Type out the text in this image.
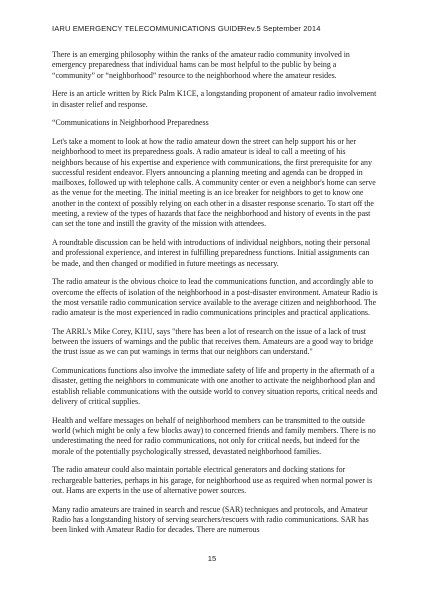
IARU EMERGENCY TELECOMMUNICATIONS GUIDE
Rev.5 September 2014

There is an emerging philosophy within the ranks of the amateur radio community involved in emergency preparedness that individual hams can be most helpful to the public by being a “community” or “neighborhood” resource to the neighborhood where the amateur resides.

Here is an article written by Rick Palm K1CE, a longstanding proponent of amateur radio involvement in disaster relief and response.

“Communications in Neighborhood Preparedness

Let's take a moment to look at how the radio amateur down the street can help support his or her neighborhood to meet its preparedness goals. A radio amateur is ideal to call a meeting of his neighbors because of his expertise and experience with communications, the first prerequisite for any successful resident endeavor. Flyers announcing a planning meeting and agenda can be dropped in mailboxes, followed up with telephone calls. A community center or even a neighbor's home can serve as the venue for the meeting. The initial meeting is an ice breaker for neighbors to get to know one another in the context of possibly relying on each other in a disaster response scenario. To start off the meeting, a review of the types of hazards that face the neighborhood and history of events in the past can set the tone and instill the gravity of the mission with attendees.

A roundtable discussion can be held with introductions of individual neighbors, noting their personal and professional experience, and interest in fulfilling preparedness functions. Initial assignments can be made, and then changed or modified in future meetings as necessary.

The radio amateur is the obvious choice to lead the communications function, and accordingly able to overcome the effects of isolation of the neighborhood in a post-disaster environment. Amateur Radio is the most versatile radio communication service available to the average citizen and neighborhood. The radio amateur is the most experienced in radio communications principles and practical applications.

The ARRL's Mike Corey, KI1U, says "there has been a lot of research on the issue of a lack of trust between the issuers of warnings and the public that receives them. Amateurs are a good way to bridge the trust issue as we can put warnings in terms that our neighbors can understand."

Communications functions also involve the immediate safety of life and property in the aftermath of a disaster, getting the neighbors to communicate with one another to activate the neighborhood plan and establish reliable communications with the outside world to convey situation reports, critical needs and delivery of critical supplies.

Health and welfare messages on behalf of neighborhood members can be transmitted to the outside world (which might be only a few blocks away) to concerned friends and family members. There is no underestimating the need for radio communications, not only for critical needs, but indeed for the morale of the potentially psychologically stressed, devastated neighborhood families.

The radio amateur could also maintain portable electrical generators and docking stations for rechargeable batteries, perhaps in his garage, for neighborhood use as required when normal power is out. Hams are experts in the use of alternative power sources.

Many radio amateurs are trained in search and rescue (SAR) techniques and protocols, and Amateur Radio has a longstanding history of serving searchers/rescuers with radio communications. SAR has been linked with Amateur Radio for decades. There are numerous

15
